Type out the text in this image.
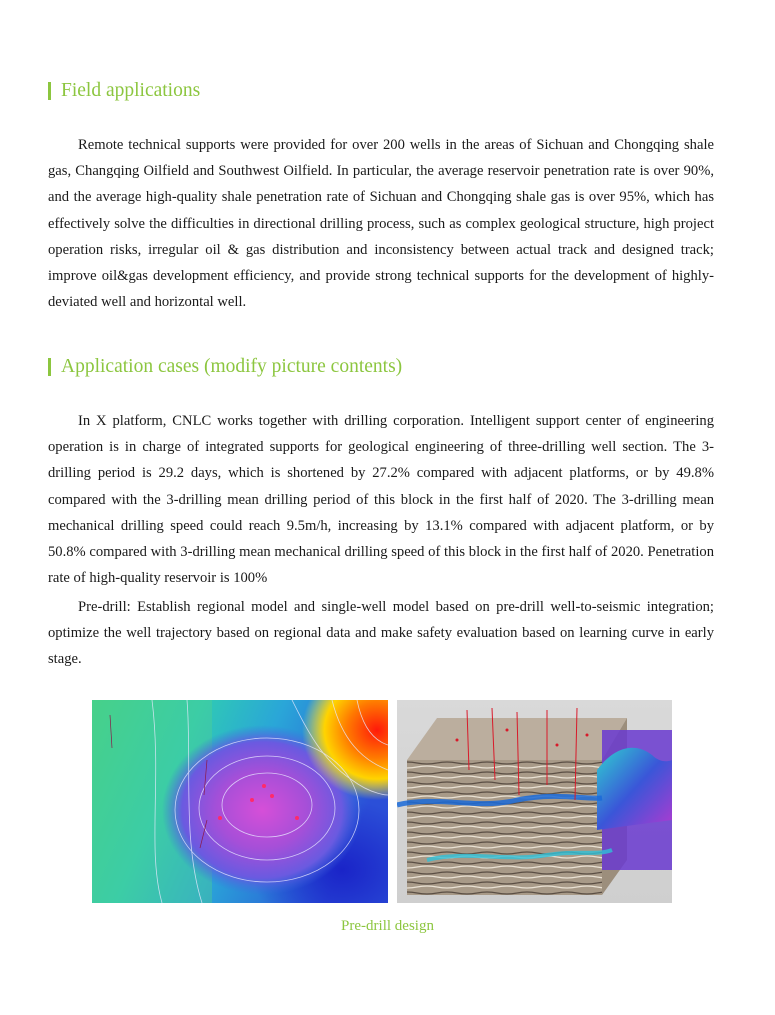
Field applications

Remote technical supports were provided for over 200 wells in the areas of Sichuan and Chongqing shale gas, Changqing Oilfield and Southwest Oilfield. In particular, the average reservoir penetration rate is over 90%, and the average high-quality shale penetration rate of Sichuan and Chongqing shale gas is over 95%, which has effectively solve the difficulties in directional drilling process, such as complex geological structure, high project operation risks, irregular oil & gas distribution and inconsistency between actual track and designed track; improve oil&gas development efficiency, and provide strong technical supports for the development of highly-deviated well and horizontal well.

Application cases (modify picture contents)

In X platform, CNLC works together with drilling corporation. Intelligent support center of engineering operation is in charge of integrated supports for geological engineering of three-drilling well section. The 3-drilling period is 29.2 days, which is shortened by 27.2% compared with adjacent platforms, or by 49.8% compared with the 3-drilling mean drilling period of this block in the first half of 2020. The 3-drilling mean mechanical drilling speed could reach 9.5m/h, increasing by 13.1% compared with adjacent platform, or by 50.8% compared with 3-drilling mean mechanical drilling speed of this block in the first half of 2020. Penetration rate of high-quality reservoir is 100%

Pre-drill: Establish regional model and single-well model based on pre-drill well-to-seismic integration; optimize the well trajectory based on regional data and make safety evaluation based on learning curve in early stage.

Pre-drill design
